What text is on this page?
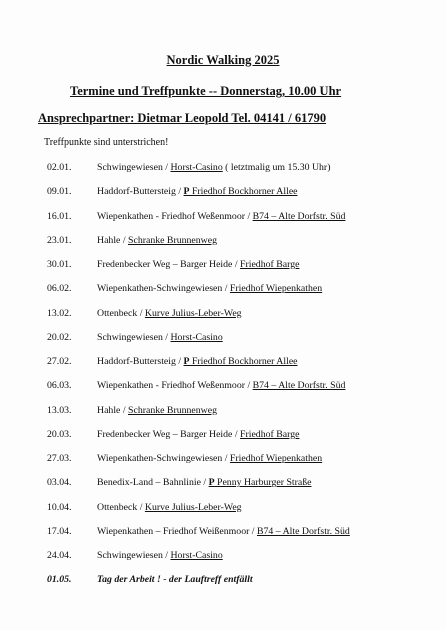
Nordic Walking 2025
Termine und Treffpunkte -- Donnerstag, 10.00 Uhr
Ansprechpartner: Dietmar Leopold Tel. 04141 / 61790
Treffpunkte sind unterstrichen!
02.01.	Schwingewiesen / Horst-Casino ( letztmalig um 15.30 Uhr)
09.01.	Haddorf-Buttersteig / P Friedhof Bockhorner Allee
16.01.	Wiepenkathen - Friedhof Weßenmoor / B74 – Alte Dorfstr. Süd
23.01.	Hahle / Schranke Brunnenweg
30.01.	Fredenbecker Weg – Barger Heide / Friedhof Barge
06.02.	Wiepenkathen-Schwingewiesen / Friedhof Wiepenkathen
13.02.	Ottenbeck / Kurve Julius-Leber-Weg
20.02.	Schwingewiesen / Horst-Casino
27.02.	Haddorf-Buttersteig / P Friedhof Bockhorner Allee
06.03.	Wiepenkathen - Friedhof Weßenmoor / B74 – Alte Dorfstr. Süd
13.03.	Hahle / Schranke Brunnenweg
20.03.	Fredenbecker Weg – Barger Heide / Friedhof Barge
27.03.	Wiepenkathen-Schwingewiesen / Friedhof Wiepenkathen
03.04.	Benedix-Land – Bahnlinie / P Penny Harburger Straße
10.04.	Ottenbeck / Kurve Julius-Leber-Weg
17.04.	Wiepenkathen – Friedhof Weißenmoor / B74 – Alte Dorfstr. Süd
24.04.	Schwingewiesen / Horst-Casino
01.05.	Tag der Arbeit ! - der Lauftreff entfällt
